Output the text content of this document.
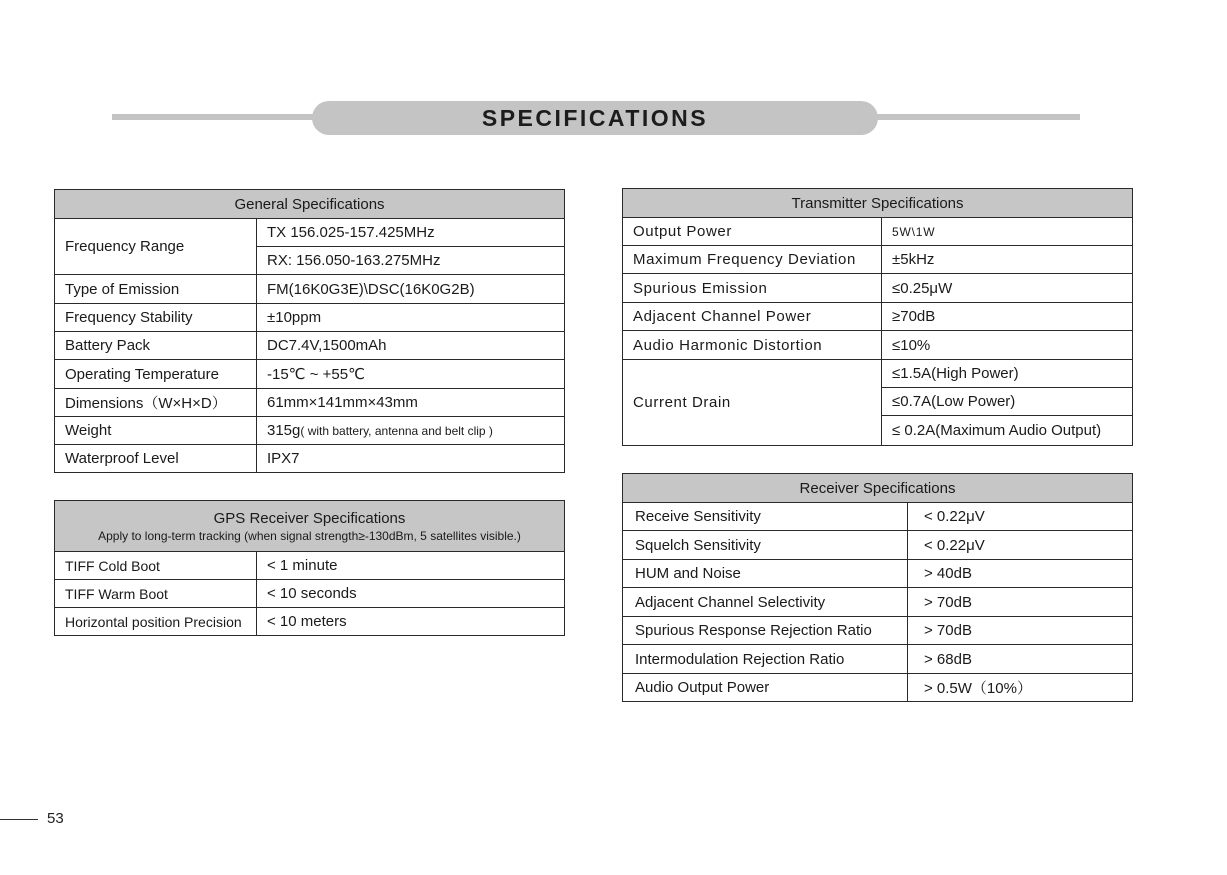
SPECIFICATIONS
General Specifications	
Frequency Range	TX 156.025-157.425MHz
	RX: 156.050-163.275MHz
Type of Emission	FM(16K0G3E)\DSC(16K0G2B)
Frequency Stability	±10ppm
Battery Pack	DC7.4V,1500mAh
Operating Temperature	-15℃ ~ +55℃
Dimensions（W×H×D）	61mm×141mm×43mm
Weight	315g( with battery, antenna and belt clip )
Waterproof Level	IPX7
GPS Receiver Specifications
Apply to long-term tracking (when signal strength≥-130dBm, 5 satellites visible.)	

TIFF Cold Boot	< 1 minute
TIFF Warm Boot	< 10 seconds
Horizontal position Precision	< 10 meters
Transmitter Specifications	
Output Power	5W\1W
Maximum Frequency Deviation	±5kHz
Spurious Emission	≤0.25μW
Adjacent Channel Power	≥70dB
Audio Harmonic Distortion	≤10%
Current Drain	≤1.5A(High Power)
	≤0.7A(Low Power)
	≤ 0.2A(Maximum Audio Output)
Receiver Specifications	
Receive Sensitivity	< 0.22μV
Squelch Sensitivity	< 0.22μV
HUM and Noise	> 40dB
Adjacent Channel Selectivity	> 70dB
Spurious Response Rejection Ratio	> 70dB
Intermodulation Rejection Ratio	> 68dB
Audio Output Power	> 0.5W（10%）
53
